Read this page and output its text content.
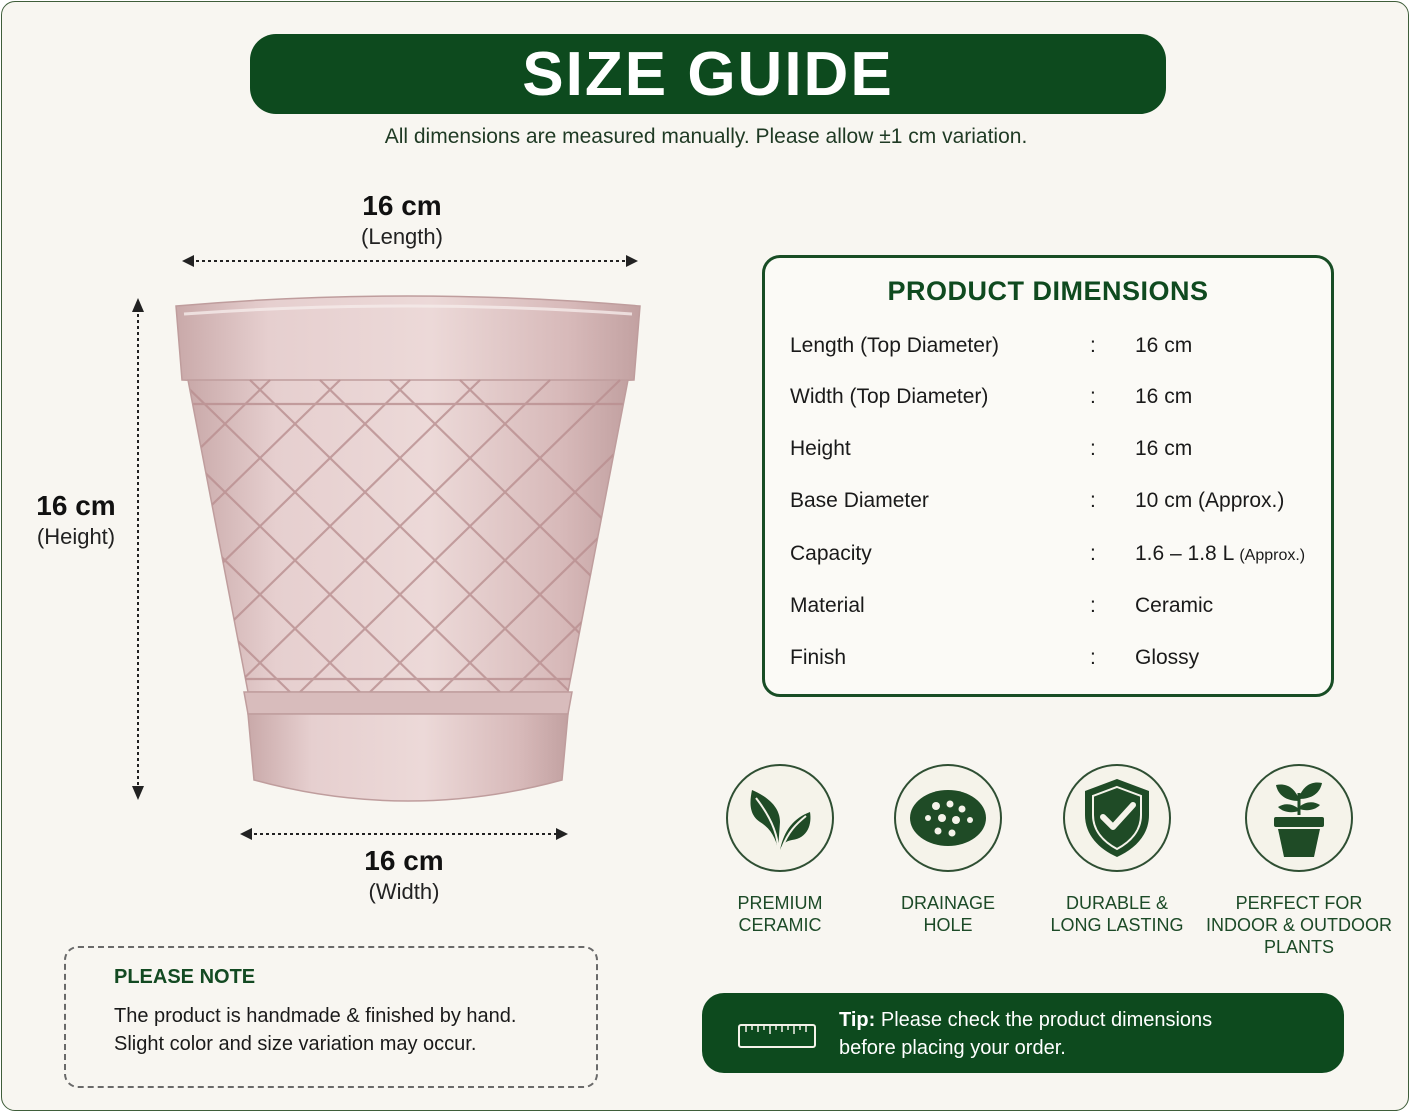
SIZE GUIDE
All dimensions are measured manually. Please allow ±1 cm variation.
16 cm
(Length)
16 cm
(Height)
16 cm
(Width)
PRODUCT DIMENSIONS
Length (Top Diameter)	: 16 cm
Width (Top Diameter)	: 16 cm
Height	: 16 cm
Base Diameter	: 10 cm (Approx.)
Capacity	: 1.6 – 1.8 L (Approx.)
Material	: Ceramic
Finish	: Glossy
PREMIUM
CERAMIC
DRAINAGE
HOLE
DURABLE &
LONG LASTING
PERFECT FOR
INDOOR & OUTDOOR
PLANTS
PLEASE NOTE
The product is handmade & finished by hand.
Slight color and size variation may occur.
Tip: Please check the product dimensions
before placing your order.
